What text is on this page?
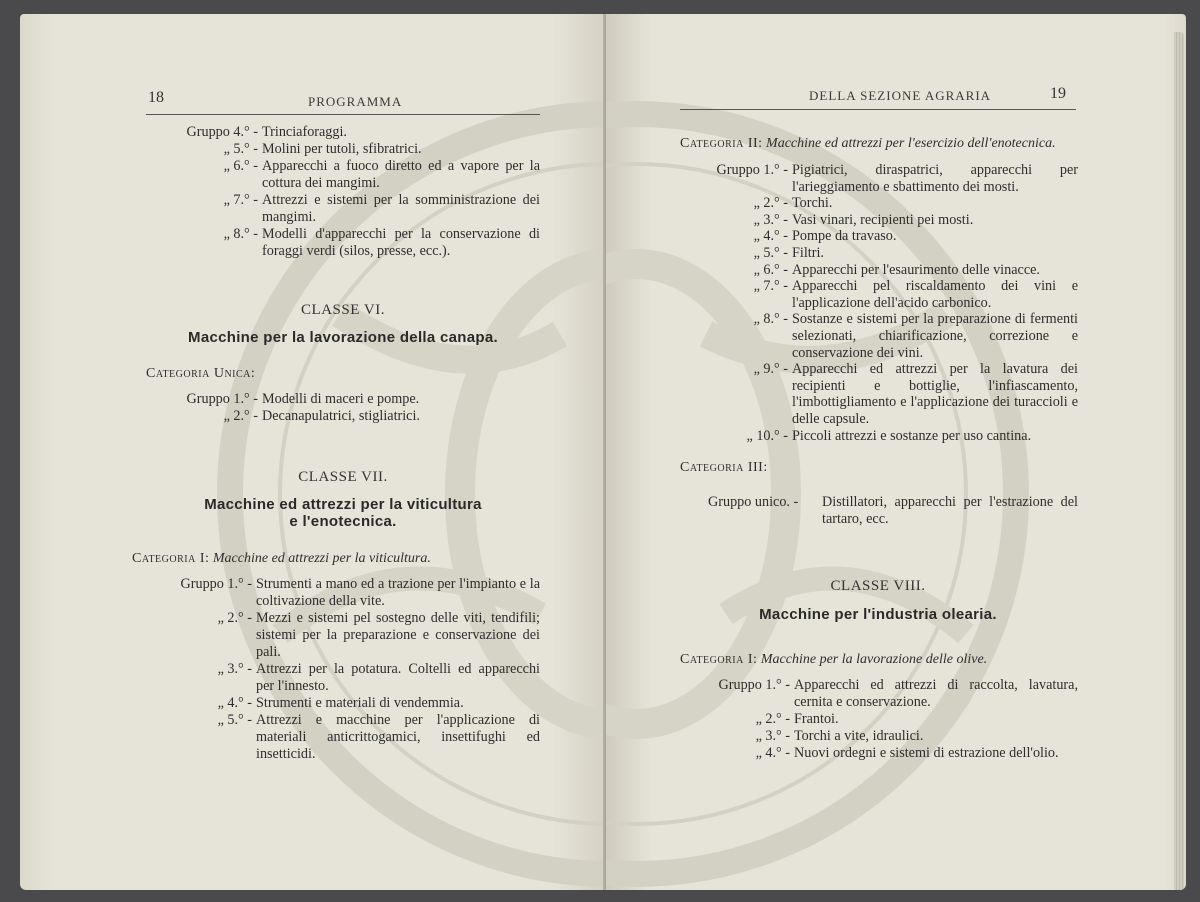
18	PROGRAMMA
Gruppo 4.° - Trinciaforaggi.
„ 5.° - Molini per tutoli, sfibratrici.
„ 6.° - Apparecchi a fuoco diretto ed a vapore per la cottura dei mangimi.
„ 7.° - Attrezzi e sistemi per la somministrazione dei mangimi.
„ 8.° - Modelli d'apparecchi per la conservazione di foraggi verdi (silos, presse, ecc.).
CLASSE VI.
Macchine per la lavorazione della canapa.
Categoria Unica:
Gruppo 1.° - Modelli di maceri e pompe.
„ 2.° - Decanapulatrici, stigliatrici.
CLASSE VII.
Macchine ed attrezzi per la viticultura
e l'enotecnica.
Categoria I: Macchine ed attrezzi per la viticultura.
Gruppo 1.° - Strumenti a mano ed a trazione per l'impianto e la coltivazione della vite.
„ 2.° - Mezzi e sistemi pel sostegno delle viti, tendifili; sistemi per la preparazione e conservazione dei pali.
„ 3.° - Attrezzi per la potatura. Coltelli ed apparecchi per l'innesto.
„ 4.° - Strumenti e materiali di vendemmia.
„ 5.° - Attrezzi e macchine per l'applicazione di materiali anticrittogamici, insettifughi ed insetticidi.
DELLA SEZIONE AGRARIA	19
Categoria II: Macchine ed attrezzi per l'esercizio dell'enotecnica.
Gruppo 1.° - Pigiatrici, diraspatrici, apparecchi per l'arieggiamento e sbattimento dei mosti.
„ 2.° - Torchi.
„ 3.° - Vasi vinari, recipienti pei mosti.
„ 4.° - Pompe da travaso.
„ 5.° - Filtri.
„ 6.° - Apparecchi per l'esaurimento delle vinacce.
„ 7.° - Apparecchi pel riscaldamento dei vini e l'applicazione dell'acido carbonico.
„ 8.° - Sostanze e sistemi per la preparazione di fermenti selezionati, chiarificazione, correzione e conservazione dei vini.
„ 9.° - Apparecchi ed attrezzi per la lavatura dei recipienti e bottiglie, l'infiascamento, l'imbottigliamento e l'applicazione dei turaccioli e delle capsule.
„ 10.° - Piccoli attrezzi e sostanze per uso cantina.
Categoria III:
Gruppo unico. - Distillatori, apparecchi per l'estrazione del tartaro, ecc.
CLASSE VIII.
Macchine per l'industria olearia.
Categoria I: Macchine per la lavorazione delle olive.
Gruppo 1.° - Apparecchi ed attrezzi di raccolta, lavatura, cernita e conservazione.
„ 2.° - Frantoi.
„ 3.° - Torchi a vite, idraulici.
„ 4.° - Nuovi ordegni e sistemi di estrazione dell'olio.
